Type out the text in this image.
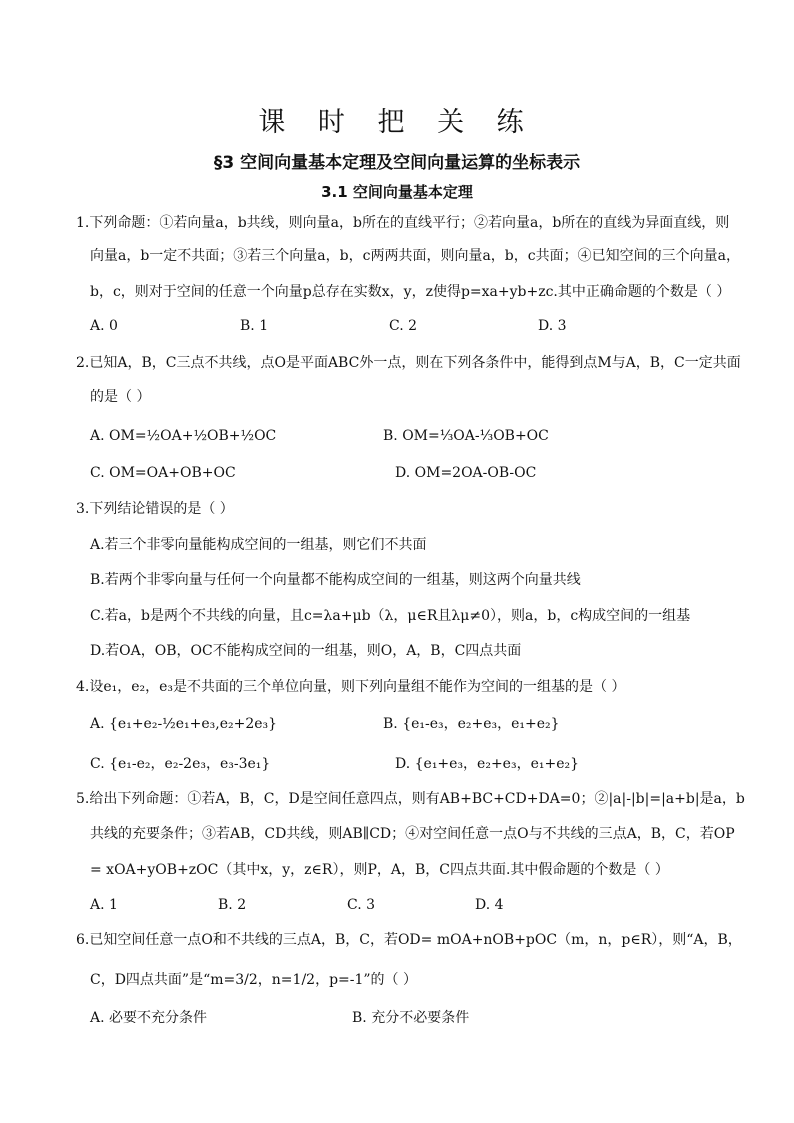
课 时 把 关 练
§3 空间向量基本定理及空间向量运算的坐标表示
3.1 空间向量基本定理
1.下列命题：①若向量a，b共线，则向量a，b所在的直线平行；②若向量a，b所在的直线为异面直线，则
向量a，b一定不共面；③若三个向量a，b，c两两共面，则向量a，b，c共面；④已知空间的三个向量a，
b，c，则对于空间的任意一个向量p总存在实数x，y，z使得p=xa+yb+zc.其中正确命题的个数是（ ）
A. 0	B. 1	C. 2	D. 3
2.已知A，B，C三点不共线，点O是平面ABC外一点，则在下列各条件中，能得到点M与A，B，C一定共面
的是（ ）
A. OM=½OA+½OB+½OC	B. OM=⅓OA-⅓OB+OC
C. OM=OA+OB+OC	D. OM=2OA-OB-OC
3.下列结论错误的是（ ）
A.若三个非零向量能构成空间的一组基，则它们不共面
B.若两个非零向量与任何一个向量都不能构成空间的一组基，则这两个向量共线
C.若a，b是两个不共线的向量，且c=λa+μb（λ，μ∈R且λμ≠0），则a，b，c构成空间的一组基
D.若OA，OB，OC不能构成空间的一组基，则O，A，B，C四点共面
4.设e₁，e₂，e₃是不共面的三个单位向量，则下列向量组不能作为空间的一组基的是（ ）
A. {e₁+e₂-½e₁+e₃,e₂+2e₃}	B. {e₁-e₃，e₂+e₃，e₁+e₂}
C. {e₁-e₂，e₂-2e₃，e₃-3e₁}	D. {e₁+e₃，e₂+e₃，e₁+e₂}
5.给出下列命题：①若A，B，C，D是空间任意四点，则有AB+BC+CD+DA=0；②|a|-|b|=|a+b|是a，b
共线的充要条件；③若AB，CD共线，则AB∥CD；④对空间任意一点O与不共线的三点A，B，C，若OP
= xOA+yOB+zOC（其中x，y，z∈R），则P，A，B，C四点共面.其中假命题的个数是（ ）
A. 1	B. 2	C. 3	D. 4
6.已知空间任意一点O和不共线的三点A，B，C，若OD= mOA+nOB+pOC（m，n，p∈R），则“A，B，
C，D四点共面”是“m=3/2，n=1/2，p=-1”的（ ）
A. 必要不充分条件	B. 充分不必要条件
